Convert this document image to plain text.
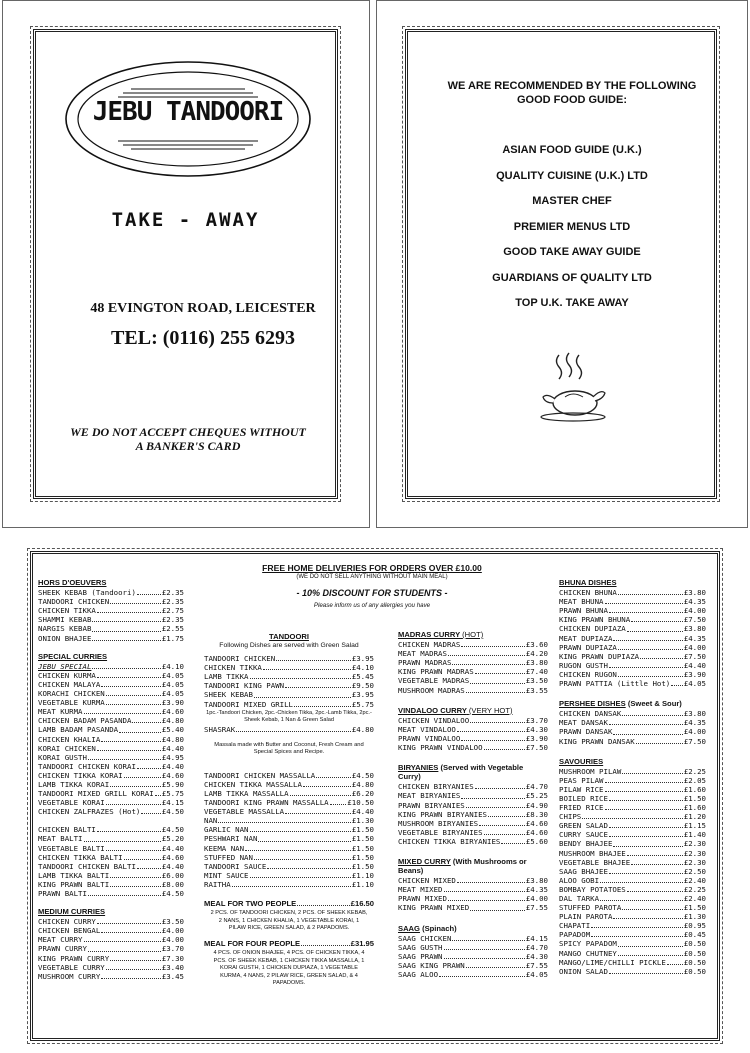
JEBU TANDOORI
TAKE - AWAY
48 EVINGTON ROAD, LEICESTER
TEL: (0116) 255 6293
WE DO NOT ACCEPT CHEQUES WITHOUT
A BANKER'S CARD
WE ARE RECOMMENDED BY THE FOLLOWING
GOOD FOOD GUIDE:
ASIAN FOOD GUIDE (U.K.)
QUALITY CUISINE (U.K.) LTD
MASTER CHEF
PREMIER MENUS LTD
GOOD TAKE AWAY GUIDE
GUARDIANS OF QUALITY LTD
TOP U.K. TAKE AWAY
FREE HOME DELIVERIES FOR ORDERS OVER £10.00
(WE DO NOT SELL ANYTHING WITHOUT MAIN MEAL)
- 10% DISCOUNT FOR STUDENTS -
Please inform us of any allergies you have
HORS D'OEUVERS
SHEEK KEBAB (Tandoori)	£2.35
TANDOORI CHICKEN	£2.35
CHICKEN TIKKA	£2.75
SHAMMI KEBAB	£2.35
NARGIS KEBAB	£2.55
ONION BHAJEE	£1.75
SPECIAL CURRIES
JEBU SPECIAL	£4.10
CHICKEN KURMA	£4.05
CHICKEN MALAYA	£4.05
KORACHI CHICKEN	£4.05
VEGETABLE KURMA	£3.90
MEAT KURMA	£4.60
CHICKEN BADAM PASANDA	£4.80
LAMB BADAM PASANDA	£5.40
CHICKEN KHALIA	£4.80
KORAI CHICKEN	£4.40
KORAI GUSTH	£4.95
TANDOORI CHICKEN KORAI	£4.40
CHICKEN TIKKA KORAI	£4.60
LAMB TIKKA KORAI	£5.90
TANDOORI MIXED GRILL KORAI £5.75
VEGETABLE KORAI	£4.15
CHICKEN ZALFRAZES (Hot)	£4.50
CHICKEN BALTI	£4.50
MEAT BALTI	£5.20
VEGETABLE BALTI	£4.40
CHICKEN TIKKA BALTI	£4.60
TANDOORI CHICKEN BALTI	£4.40
LAMB TIKKA BALTI	£6.00
KING PRAWN BALTI	£8.00
PRAWN BALTI	£4.50
MEDIUM CURRIES
CHICKEN CURRY	£3.50
CHICKEN BENGAL	£4.00
MEAT CURRY	£4.00
PRAWN CURRY	£3.70
KING PRAWN CURRY	£7.30
VEGETABLE CURRY	£3.40
MUSHROOM CURRY	£3.45
TANDOORI
Following Dishes are served with Green Salad
TANDOORI CHICKEN	£3.95
CHICKEN TIKKA	£4.10
LAMB TIKKA	£5.45
TANDOORI KING PAWN	£9.50
SHEEK KEBAB	£3.95
TANDOORI MIXED GRILL	£5.75
1pc.-Tandoori Chicken, 2pc.-Chicken Tikka, 2pc.-Lamb Tikka, 2pc.-Sheek Kebab, 1 Nan & Green Salad
SHASRAK	£4.80
Massala made with Butter and Coconut, Fresh Cream and Special Spices and Recipe.
TANDOORI CHICKEN MASSALLA	£4.50
CHICKEN TIKKA MASSALLA	£4.80
LAMB TIKKA MASSALLA	£6.20
TANDOORI KING PRAWN MASSALLA	£10.50
VEGETABLE MASSALLA	£4.40
NAN	£1.30
GARLIC NAN	£1.50
PESHWARI NAN	£1.50
KEEMA NAN	£1.50
STUFFED NAN	£1.50
TANDOORI SAUCE	£1.50
MINT SAUCE	£1.10
RAITHA	£1.10
MEAL FOR TWO PEOPLE	£16.50
2 PCS. OF TANDOORI CHICKEN, 2 PCS. OF SHEEK KEBAB, 2 NANS, 1 CHICKEN KHALIA, 1 VEGETABLE KORAI, 1 PILAW RICE, GREEN SALAD, & 2 PAPADOMS.
MEAL FOR FOUR PEOPLE	£31.95
4 PCS. OF ONION BHAJEE, 4 PCS. OF CHICKEN TIKKA, 4 PCS. OF SHEEK KEBAB, 1 CHICKEN TIKKA MASSALLA, 1 KORAI GUSTH, 1 CHICKEN DUPIAZA, 1 VEGETABLE KURMA, 4 NANS, 2 PILAW RICE, GREEN SALAD, & 4 PAPADOMS.
MADRAS CURRY (HOT)
CHICKEN MADRAS	£3.60
MEAT MADRAS	£4.20
PRAWN MADRAS	£3.80
KING PRAWN MADRAS	£7.40
VEGETABLE MADRAS	£3.50
MUSHROOM MADRAS	£3.55
VINDALOO CURRY (VERY HOT)
CHICKEN VINDALOO	£3.70
MEAT VINDALOO	£4.30
PRAWN VINDALOO	£3.90
KING PRAWN VINDALOO	£7.50
BIRYANIES (Served with Vegetable Curry)
CHICKEN BIRYANIES	£4.70
MEAT BIRYANIES	£5.25
PRAWN BIRYANIES	£4.90
KING PRAWN BIRYANIES	£8.30
MUSHROOM BIRYANIES	£4.60
VEGETABLE BIRYANIES	£4.60
CHICKEN TIKKA BIRYANIES	£5.60
MIXED CURRY (With Mushrooms or Beans)
CHICKEN MIXED	£3.80
MEAT MIXED	£4.35
PRAWN MIXED	£4.00
KING PRAWN MIXED	£7.55
SAAG (Spinach)
SAAG CHICKEN	£4.15
SAAG GUSTH	£4.70
SAAG PRAWN	£4.30
SAAG KING PRAWN	£7.55
SAAG ALOO	£4.05
BHUNA DISHES
CHICKEN BHUNA	£3.80
MEAT BHUNA	£4.35
PRAWN BHUNA	£4.00
KING PRAWN BHUNA	£7.50
CHICKEN DUPIAZA	£3.80
MEAT DUPIAZA	£4.35
PRAWN DUPIAZA	£4.00
KING PRAWN DUPIAZA	£7.50
RUGON GUSTH	£4.40
CHICKEN RUGON	£3.90
PRAWN PATTIA (Little Hot) £4.05
PERSHEE DISHES (Sweet & Sour)
CHICKEN DANSAK	£3.80
MEAT DANSAK	£4.35
PRAWN DANSAK	£4.00
KING PRAWN DANSAK	£7.50
SAVOURIES
MUSHROOM PILAW	£2.25
PEAS PILAW	£2.05
PILAW RICE	£1.60
BOILED RICE	£1.50
FRIED RICE	£1.60
CHIPS	£1.20
GREEN SALAD	£1.15
CURRY SAUCE	£1.40
BENDY BHAJEE	£2.30
MUSHROOM BHAJEE	£2.30
VEGETABLE BHAJEE	£2.30
SAAG BHAJEE	£2.50
ALOO GOBI	£2.40
BOMBAY POTATOES	£2.25
DAL TARKA	£2.40
STUFFED PAROTA	£1.50
PLAIN PAROTA	£1.30
CHAPATI	£0.95
PAPADOM	£0.45
SPICY PAPADOM	£0.50
MANGO CHUTNEY	£0.50
MANGO/LIME/CHILLI PICKLE £0.50
ONION SALAD	£0.50
